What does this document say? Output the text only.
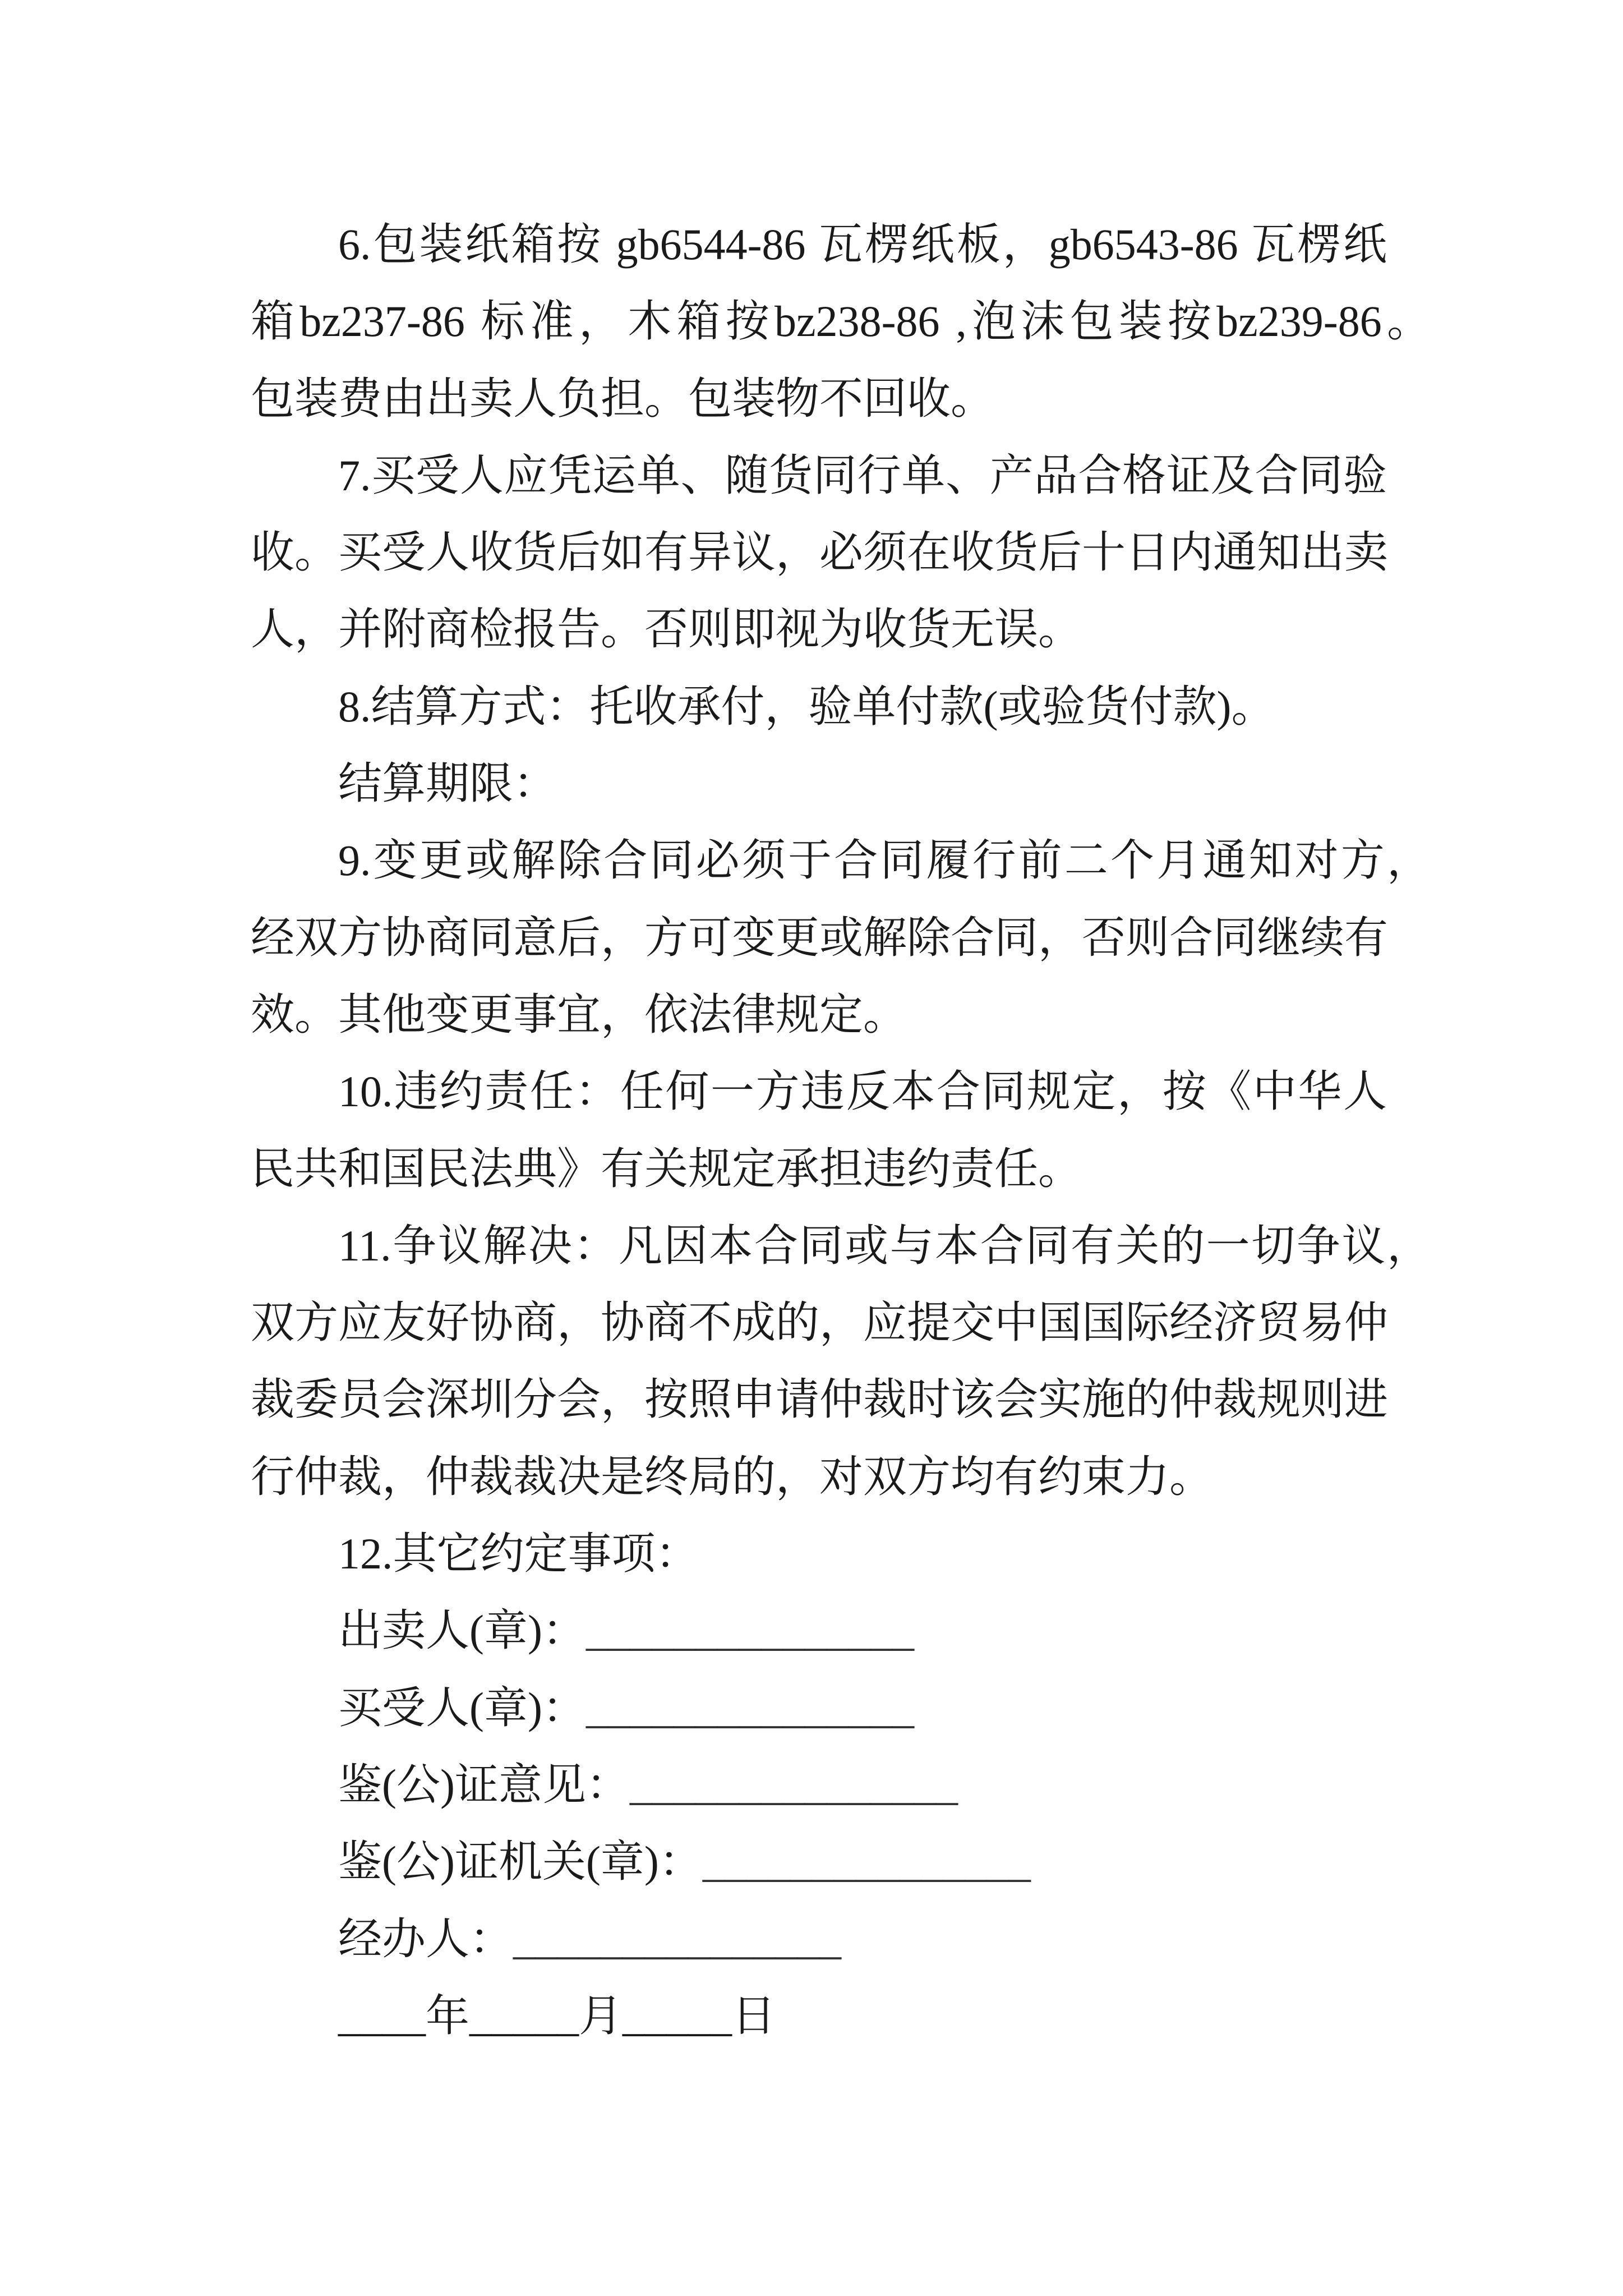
6.包装纸箱按 gb6544-86 瓦楞纸板，gb6543-86 瓦楞纸
箱bz237-86 标准，木箱按bz238-86 ,泡沫包装按bz239-86。
包装费由出卖人负担。包装物不回收。
7.买受人应凭运单、随货同行单、产品合格证及合同验
收。买受人收货后如有异议，必须在收货后十日内通知出卖
人，并附商检报告。否则即视为收货无误。
8.结算方式：托收承付，验单付款(或验货付款)。
结算期限：
9.变更或解除合同必须于合同履行前二个月通知对方，
经双方协商同意后，方可变更或解除合同，否则合同继续有
效。其他变更事宜，依法律规定。
10.违约责任：任何一方违反本合同规定，按《中华人
民共和国民法典》有关规定承担违约责任。
11.争议解决：凡因本合同或与本合同有关的一切争议，
双方应友好协商，协商不成的，应提交中国国际经济贸易仲
裁委员会深圳分会，按照申请仲裁时该会实施的仲裁规则进
行仲裁，仲裁裁决是终局的，对双方均有约束力。
12.其它约定事项：
出卖人(章)：_______________
买受人(章)：_______________
鉴(公)证意见：_______________
鉴(公)证机关(章)：_______________
经办人：_______________
____年_____月_____日
